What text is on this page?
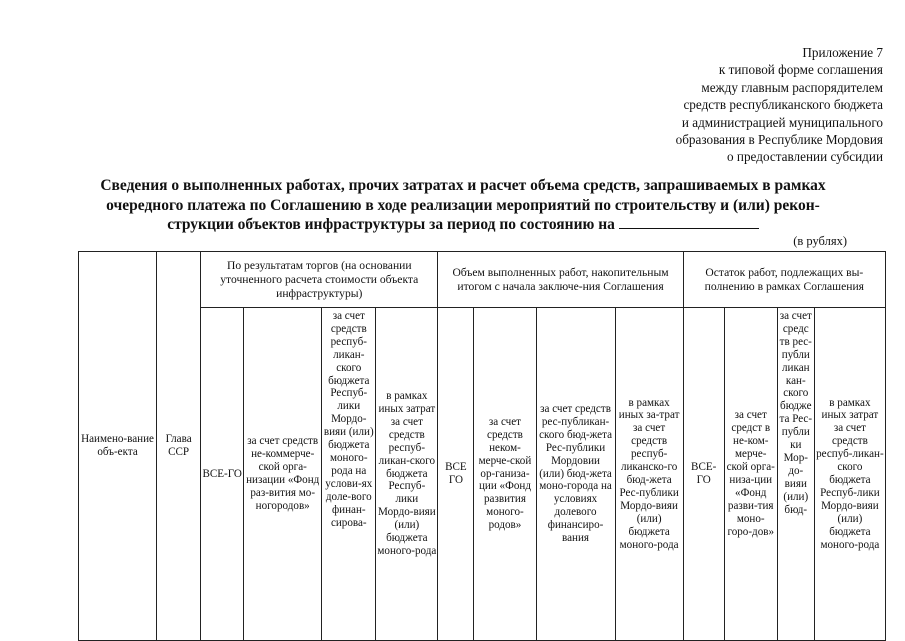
Приложение 7
к типовой форме соглашения
между главным распорядителем
средств республиканского бюджета
и администрацией муниципального
образования в Республике Мордовия
о предоставлении субсидии
Сведения о выполненных работах, прочих затратах и расчет объема средств, запрашиваемых в рамках
очередного платежа по Соглашению в ходе реализации мероприятий по строительству и (или) рекон-
струкции объектов инфраструктуры за период по состоянию на
(в рублях)
Наимено-вание объ-екта	Глава ССР	По результатам торгов (на основании уточненного расчета стоимости объекта инфраструктуры)				Объем выполненных работ, накопительным итогом с начала заключе-ния Соглашения				Остаток работ, подлежащих вы-полнению в рамках Соглашения			
		ВСЕ-ГО	за счет средств не-коммерче-ской орга-низации «Фонд раз-вития мо-ногородов»	за счет средств респуб-ликан-ского бюджета Респуб-лики Мордо-вияи (или) бюджета моного-рода на услови-ях доле-вого финан-сирова-	в рамках иных затрат за счет средств респуб-ликан-ского бюджета Респуб-лики Мордо-вияи (или) бюджета моного-рода	ВСЕ ГО	за счет средств неком-мерче-ской ор-ганиза-ции «Фонд развития моного-родов»	за счет средств рес-публикан-ского бюд-жета Рес-публики Мордовии (или) бюд-жета моно-города на условиях долевого финансиро-вания	в рамках иных за-трат за счет средств респуб-ликанско-го бюд-жета Рес-публики Мордо-вияи (или) бюджета моного-рода	ВСЕ-ГО	за счет средст в не-ком-мерче-ской орга-низа-ции «Фонд разви-тия моно-горо-дов»	за счет средс тв рес-публи ликан кан-ского бюдже та Рес-публи ки Мор-до-вияи (или) бюд-	в рамках иных затрат за счет средств респуб-ликан-ского бюджета Респуб-лики Мордо-вияи (или) бюджета моного-рода
